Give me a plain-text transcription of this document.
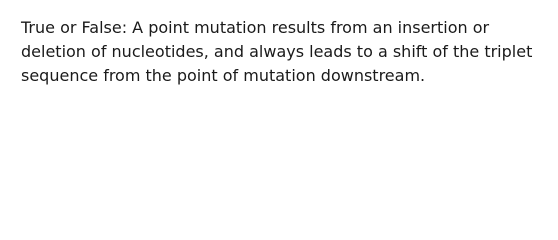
True or False: A point mutation results from an insertion or
deletion of nucleotides, and always leads to a shift of the triplet
sequence from the point of mutation downstream.
